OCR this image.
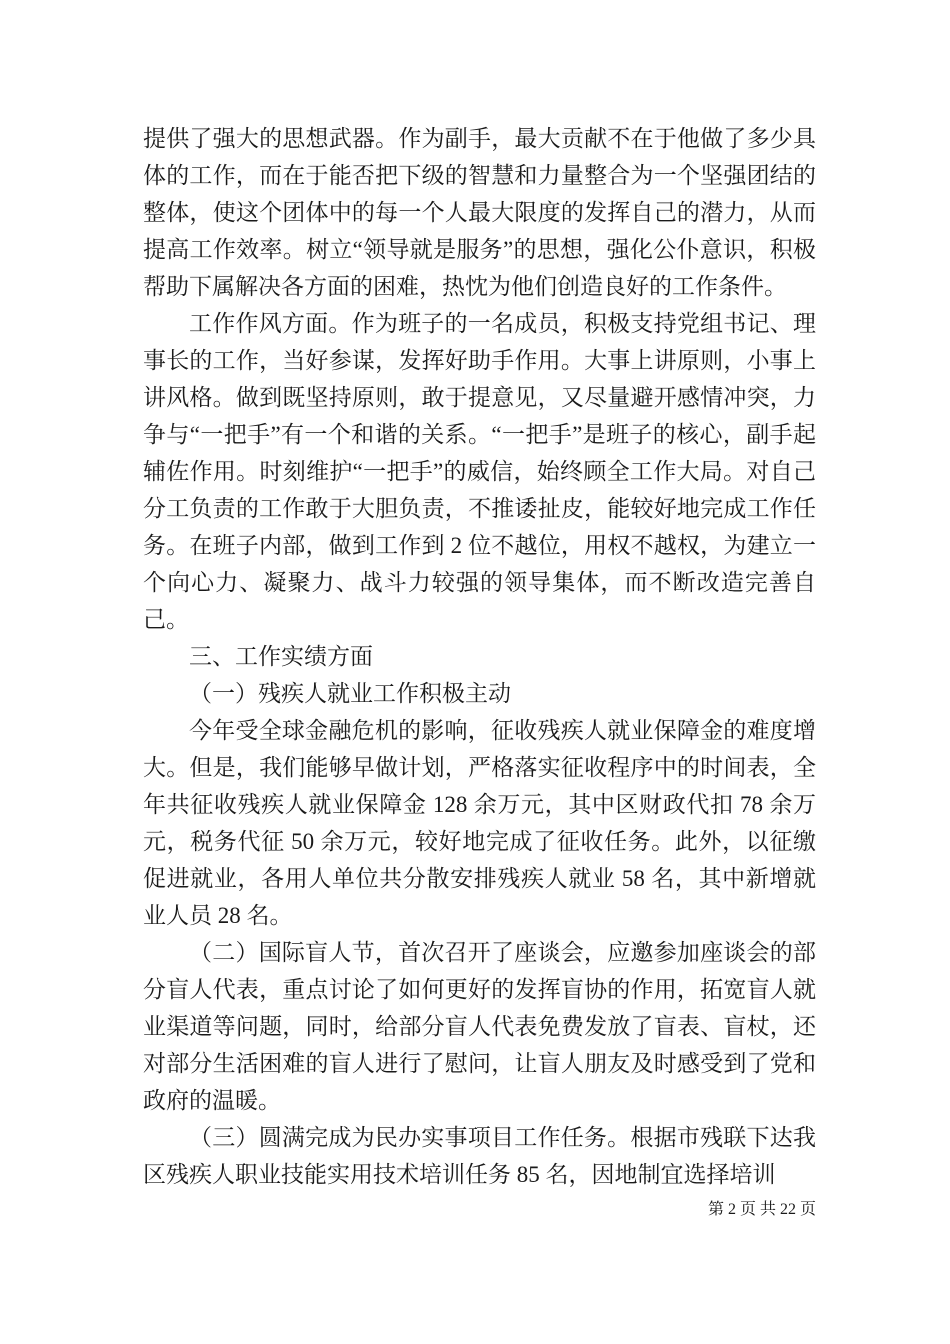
提供了强大的思想武器。作为副手，最大贡献不在于他做了多少具体的工作，而在于能否把下级的智慧和力量整合为一个坚强团结的整体，使这个团体中的每一个人最大限度的发挥自己的潜力，从而提高工作效率。树立“领导就是服务”的思想，强化公仆意识，积极帮助下属解决各方面的困难，热忱为他们创造良好的工作条件。

工作作风方面。作为班子的一名成员，积极支持党组书记、理事长的工作，当好参谋，发挥好助手作用。大事上讲原则，小事上讲风格。做到既坚持原则，敢于提意见，又尽量避开感情冲突，力争与“一把手”有一个和谐的关系。“一把手”是班子的核心，副手起辅佐作用。时刻维护“一把手”的威信，始终顾全工作大局。对自己分工负责的工作敢于大胆负责，不推诿扯皮，能较好地完成工作任务。在班子内部，做到工作到 2 位不越位，用权不越权，为建立一个向心力、凝聚力、战斗力较强的领导集体，而不断改造完善自己。

三、工作实绩方面

（一）残疾人就业工作积极主动

今年受全球金融危机的影响，征收残疾人就业保障金的难度增大。但是，我们能够早做计划，严格落实征收程序中的时间表，全年共征收残疾人就业保障金 128 余万元，其中区财政代扣 78 余万元，税务代征 50 余万元，较好地完成了征收任务。此外，以征缴促进就业，各用人单位共分散安排残疾人就业 58 名，其中新增就业人员 28 名。

（二）国际盲人节，首次召开了座谈会，应邀参加座谈会的部分盲人代表，重点讨论了如何更好的发挥盲协的作用，拓宽盲人就业渠道等问题，同时，给部分盲人代表免费发放了盲表、盲杖，还对部分生活困难的盲人进行了慰问，让盲人朋友及时感受到了党和政府的温暖。

（三）圆满完成为民办实事项目工作任务。根据市残联下达我区残疾人职业技能实用技术培训任务 85 名，因地制宜选择培训

第 2 页 共 22 页
